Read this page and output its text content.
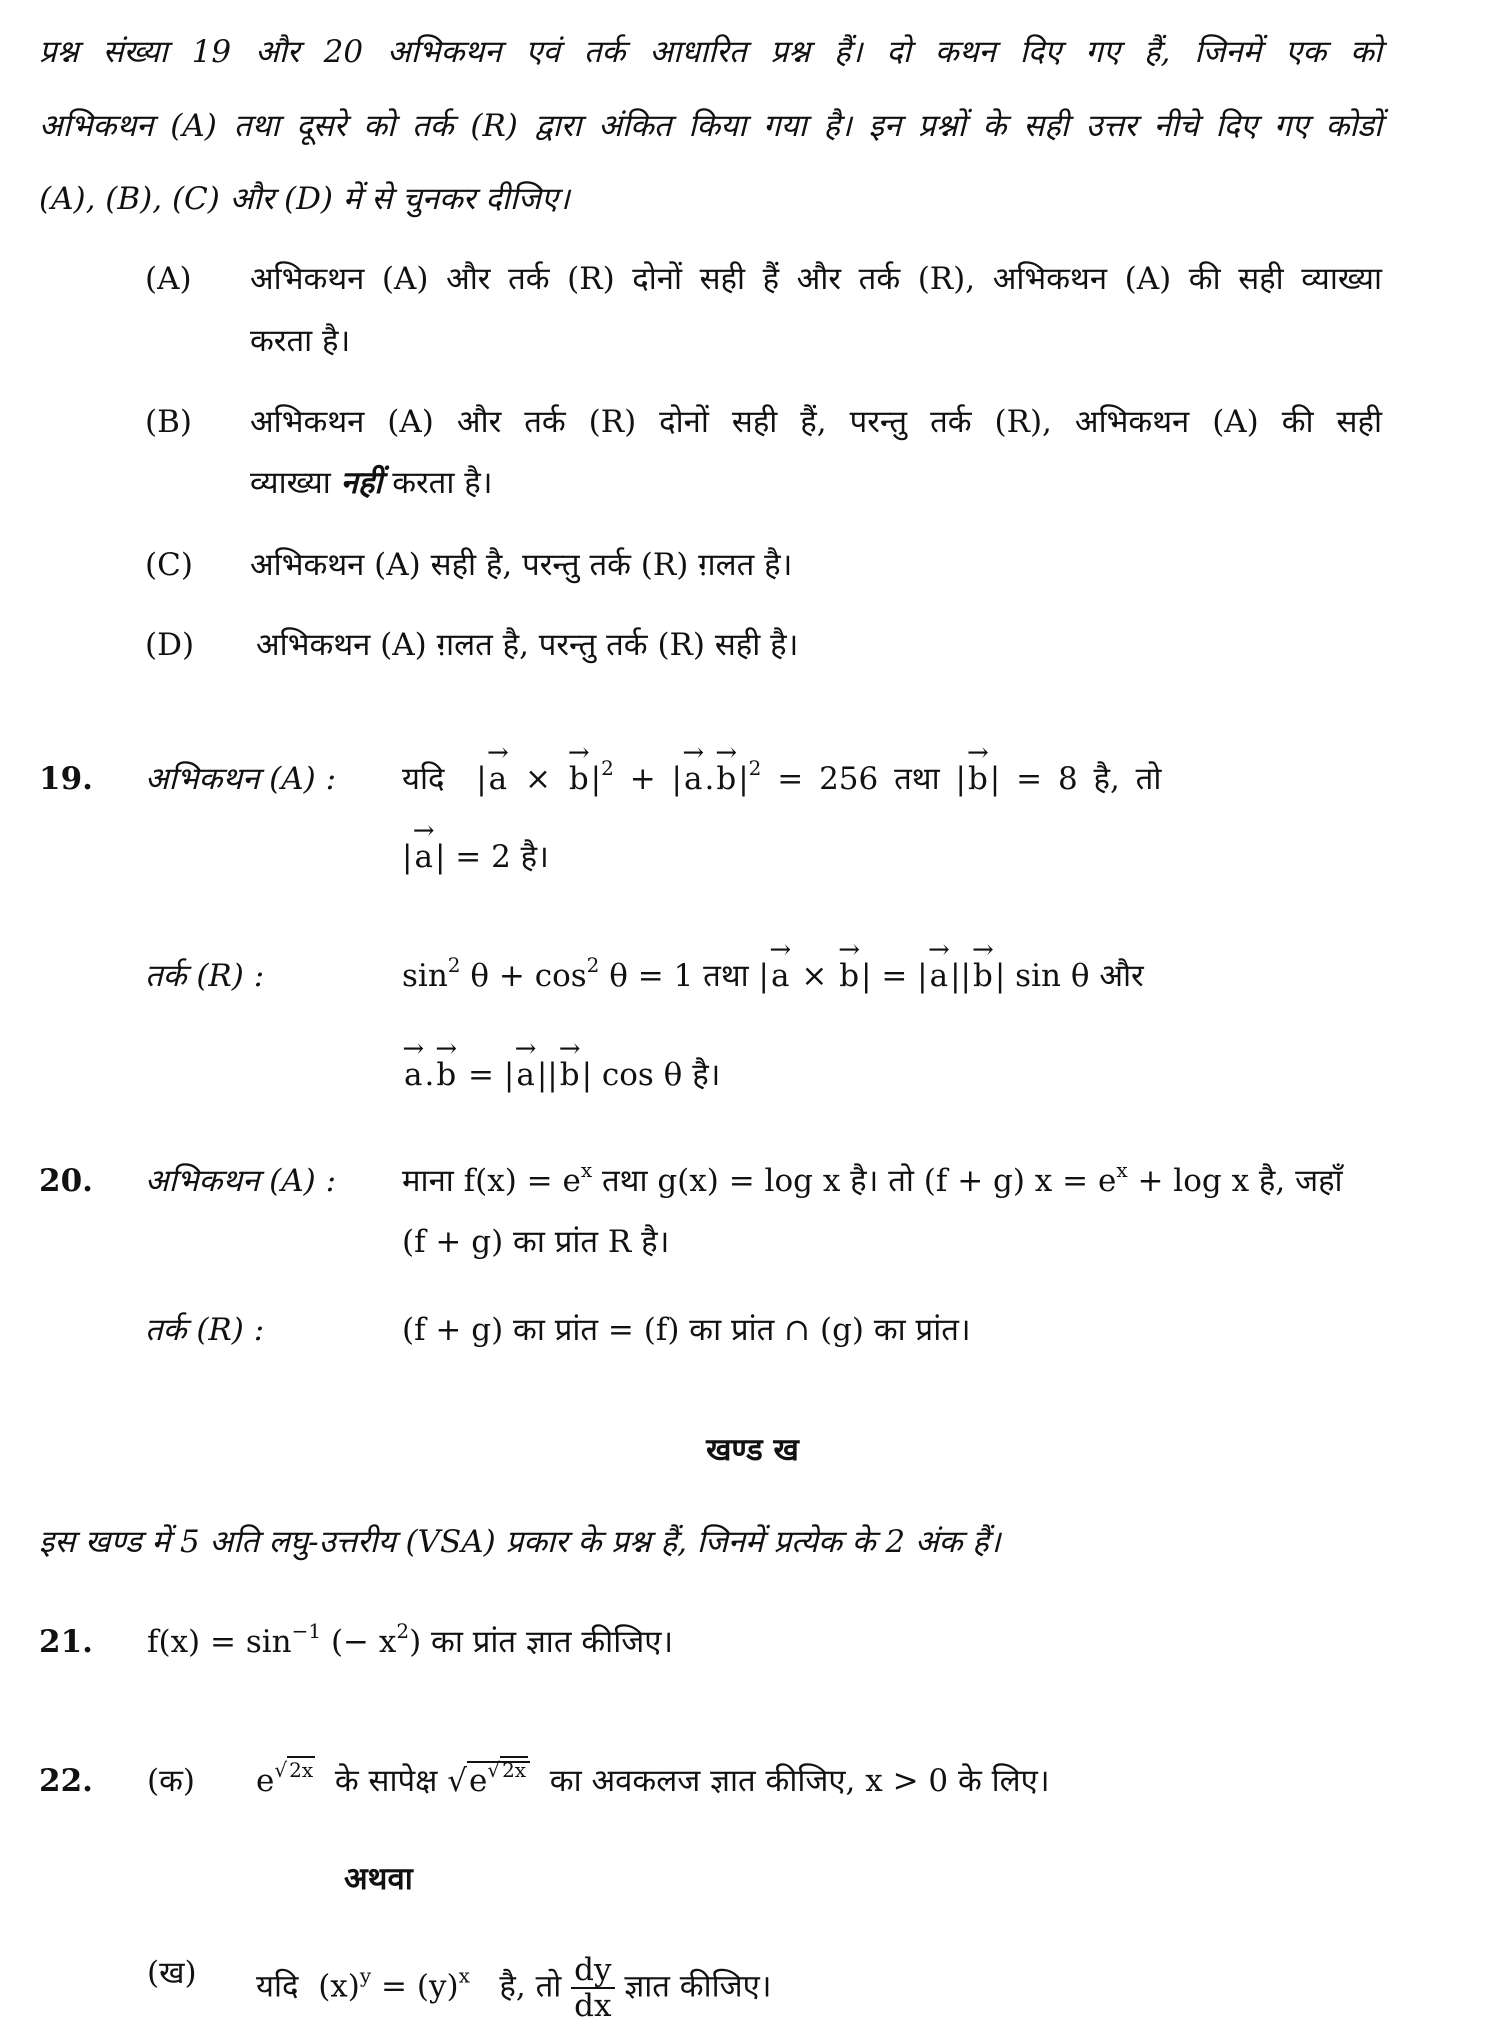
प्रश्न संख्या 19 और 20 अभिकथन एवं तर्क आधारित प्रश्न हैं। दो कथन दिए गए हैं, जिनमें एक को
अभिकथन (A) तथा दूसरे को तर्क (R) द्वारा अंकित किया गया है। इन प्रश्नों के सही उत्तर नीचे दिए गए कोडों
(A), (B), (C) और (D) में से चुनकर दीजिए।
(A) अभिकथन (A) और तर्क (R) दोनों सही हैं और तर्क (R), अभिकथन (A) की सही व्याख्या
करता है।
(B) अभिकथन (A) और तर्क (R) दोनों सही हैं, परन्तु तर्क (R), अभिकथन (A) की सही
व्याख्या नहीं करता है।
(C) अभिकथन (A) सही है, परन्तु तर्क (R) ग़लत है।
(D) अभिकथन (A) ग़लत है, परन्तु तर्क (R) सही है।
19. अभिकथन (A) : यदि  |→ a × → $b|^2$ + |→ $a.\to b|^2 = 256$ तथा |→ b| = 8 है, तो
|→ a| = 2 है।
तर्क (R) :	$\sin^2 \theta + \cos^2 \theta = 1$ तथा |→ a × → b| = |→ a||→ b| sin θ और
→ a.→ b = |→ a||→ b| cos θ है।
20. अभिकथन (A) : माना $f(x) = e^x$ तथा g(x) = log x है। तो (f + g) $x = e^x + \log x$ है, जहाँ
(f + g) का प्रांत R है।
तर्क (R) :	(f + g) का प्रांत = (f) का प्रांत ∩ (g) का प्रांत।
खण्ड ख
इस खण्ड में 5 अति लघु-उत्तरीय (VSA) प्रकार के प्रश्न हैं, जिनमें प्रत्येक के 2 अंक हैं।
21. $f(x) = \sin^{-1}$ (− $x^2$) का प्रांत ज्ञात कीजिए।
22. (क) $e^{√ 2x}$ के सापेक्ष $√e^{√ 2x}$ का अवकलज ज्ञात कीजिए, x > 0 के लिए।
अथवा
(ख) यदि $(x)^y = (y)^x$ है, तो $\frac{dy}{dx}$ ज्ञात कीजिए।
